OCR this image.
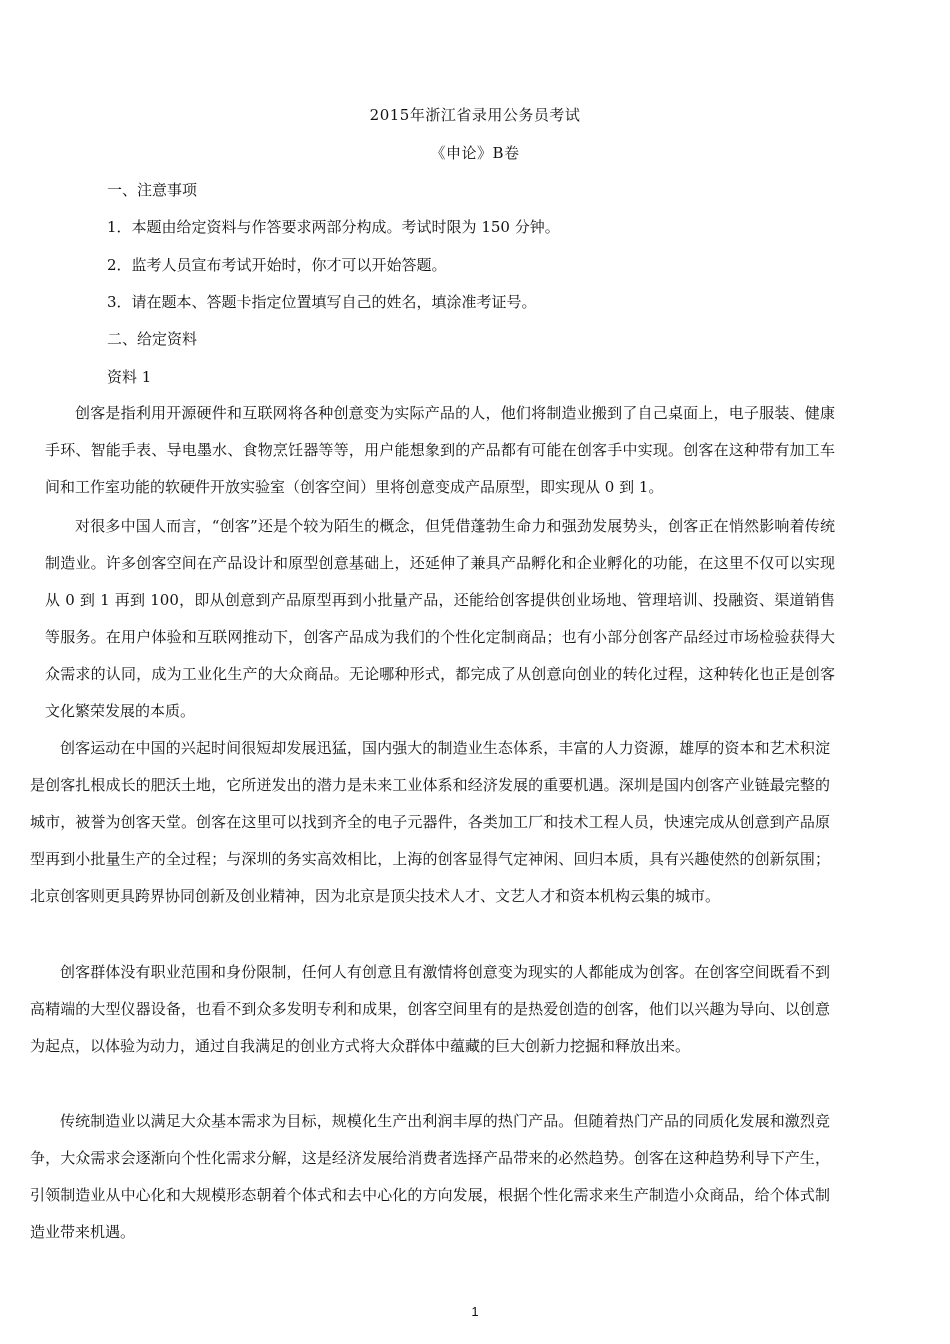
2015年浙江省录用公务员考试
《申论》B卷
一、注意事项
1．本题由给定资料与作答要求两部分构成。考试时限为 150 分钟。
2．监考人员宣布考试开始时，你才可以开始答题。
3．请在题本、答题卡指定位置填写自己的姓名，填涂准考证号。
二、给定资料
资料 1
创客是指利用开源硬件和互联网将各种创意变为实际产品的人，他们将制造业搬到了自己桌面上，电子服装、健康手环、智能手表、导电墨水、食物烹饪器等等，用户能想象到的产品都有可能在创客手中实现。创客在这种带有加工车间和工作室功能的软硬件开放实验室（创客空间）里将创意变成产品原型，即实现从 0 到 1。
对很多中国人而言，“创客”还是个较为陌生的概念，但凭借蓬勃生命力和强劲发展势头，创客正在悄然影响着传统制造业。许多创客空间在产品设计和原型创意基础上，还延伸了兼具产品孵化和企业孵化的功能，在这里不仅可以实现从 0 到 1 再到 100，即从创意到产品原型再到小批量产品，还能给创客提供创业场地、管理培训、投融资、渠道销售等服务。在用户体验和互联网推动下，创客产品成为我们的个性化定制商品；也有小部分创客产品经过市场检验获得大众需求的认同，成为工业化生产的大众商品。无论哪种形式，都完成了从创意向创业的转化过程，这种转化也正是创客文化繁荣发展的本质。
创客运动在中国的兴起时间很短却发展迅猛，国内强大的制造业生态体系，丰富的人力资源，雄厚的资本和艺术积淀是创客扎根成长的肥沃土地，它所迸发出的潜力是未来工业体系和经济发展的重要机遇。深圳是国内创客产业链最完整的城市，被誉为创客天堂。创客在这里可以找到齐全的电子元器件，各类加工厂和技术工程人员，快速完成从创意到产品原型再到小批量生产的全过程；与深圳的务实高效相比，上海的创客显得气定神闲、回归本质，具有兴趣使然的创新氛围；北京创客则更具跨界协同创新及创业精神，因为北京是顶尖技术人才、文艺人才和资本机构云集的城市。
创客群体没有职业范围和身份限制，任何人有创意且有激情将创意变为现实的人都能成为创客。在创客空间既看不到高精端的大型仪器设备，也看不到众多发明专利和成果，创客空间里有的是热爱创造的创客，他们以兴趣为导向、以创意为起点，以体验为动力，通过自我满足的创业方式将大众群体中蕴藏的巨大创新力挖掘和释放出来。
传统制造业以满足大众基本需求为目标，规模化生产出利润丰厚的热门产品。但随着热门产品的同质化发展和激烈竞争，大众需求会逐渐向个性化需求分解，这是经济发展给消费者选择产品带来的必然趋势。创客在这种趋势利导下产生，引领制造业从中心化和大规模形态朝着个体式和去中心化的方向发展，根据个性化需求来生产制造小众商品，给个体式制造业带来机遇。
1
